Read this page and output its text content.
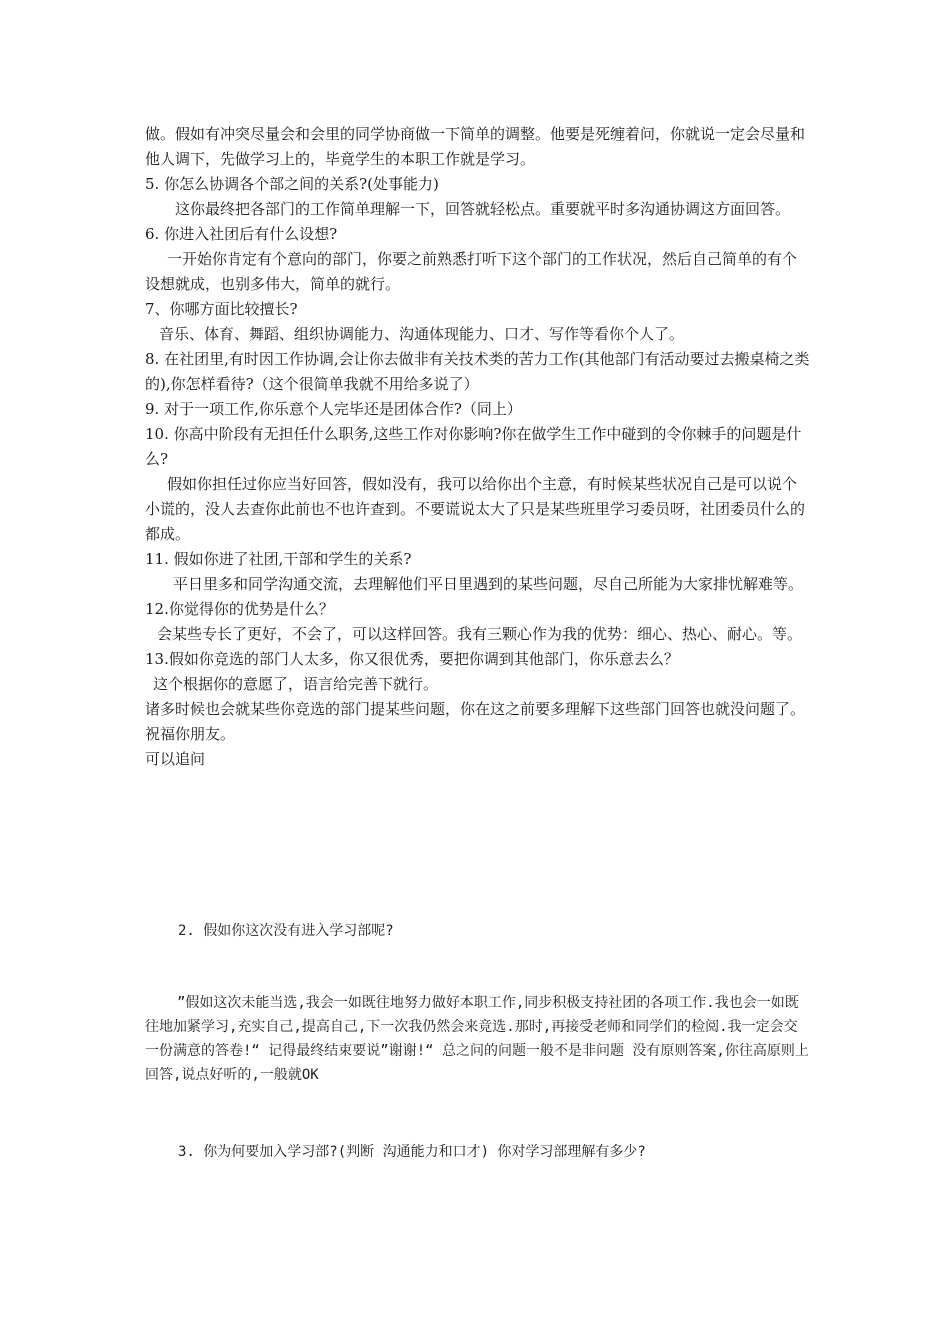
做。假如有冲突尽量会和会里的同学协商做一下简单的调整。他要是死缠着问，你就说一定会尽量和他人调下，先做学习上的，毕竟学生的本职工作就是学习。

5. 你怎么协调各个部之间的关系?(处事能力)

这你最终把各部门的工作简单理解一下，回答就轻松点。重要就平时多沟通协调这方面回答。

6. 你进入社团后有什么设想?

一开始你肯定有个意向的部门，你要之前熟悉打听下这个部门的工作状况，然后自己简单的有个设想就成，也别多伟大，简单的就行。

7、你哪方面比较擅长?

音乐、体育、舞蹈、组织协调能力、沟通体现能力、口才、写作等看你个人了。

8. 在社团里,有时因工作协调,会让你去做非有关技术类的苦力工作(其他部门有活动要过去搬桌椅之类的),你怎样看待?（这个很简单我就不用给多说了）

9. 对于一项工作,你乐意个人完毕还是团体合作?（同上）

10. 你高中阶段有无担任什么职务,这些工作对你影响?你在做学生工作中碰到的令你棘手的问题是什么?

假如你担任过你应当好回答，假如没有，我可以给你出个主意，有时候某些状况自己是可以说个小谎的，没人去查你此前也不也许查到。不要谎说太大了只是某些班里学习委员呀，社团委员什么的都成。

11. 假如你进了社团,干部和学生的关系?

平日里多和同学沟通交流，去理解他们平日里遇到的某些问题，尽自己所能为大家排忧解难等。

12.你觉得你的优势是什么？

会某些专长了更好，不会了，可以这样回答。我有三颗心作为我的优势：细心、热心、耐心。等。

13.假如你竞选的部门人太多，你又很优秀，要把你调到其他部门，你乐意去么？

这个根据你的意愿了，语言给完善下就行。

诸多时候也会就某些你竞选的部门提某些问题，你在这之前要多理解下这些部门回答也就没问题了。祝福你朋友。

可以追问

2. 假如你这次没有进入学习部呢?

”假如这次未能当选,我会一如既往地努力做好本职工作,同步积极支持社团的各项工作.我也会一如既往地加紧学习,充实自己,提高自己,下一次我仍然会来竞选.那时,再接受老师和同学们的检阅.我一定会交一份满意的答卷!“ 记得最终结束要说”谢谢!“ 总之问的问题一般不是非问题 没有原则答案,你往高原则上回答,说点好听的,一般就OK

3. 你为何要加入学习部?(判断 沟通能力和口才) 你对学习部理解有多少?
